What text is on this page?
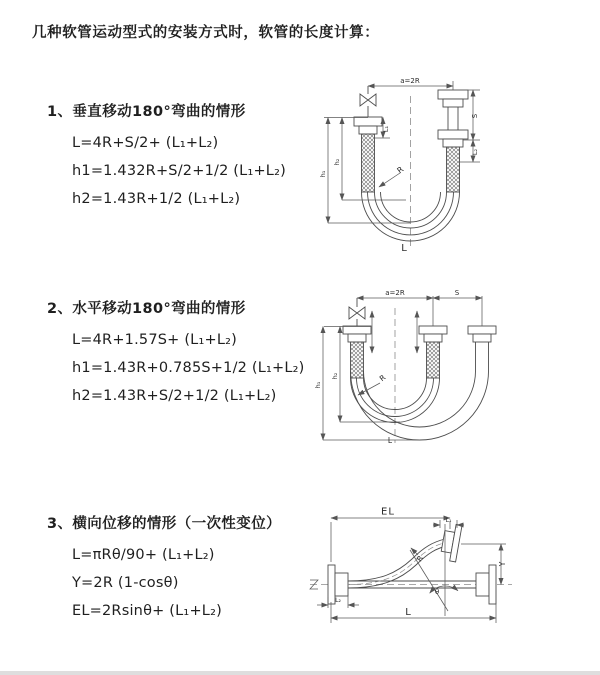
几种软管运动型式的安装方式时，软管的长度计算：
1、垂直移动180°弯曲的情形
L=4R+S/2+ (L₁+L₂)
h1=1.432R+S/2+1/2 (L₁+L₂)
h2=1.43R+1/2 (L₁+L₂)
a=2R
h₁
h₂
L₁
S
L₂
R
L
2、水平移动180°弯曲的情形
L=4R+1.57S+ (L₁+L₂)
h1=1.43R+0.785S+1/2 (L₁+L₂)
h2=1.43R+S/2+1/2 (L₁+L₂)
a=2R	S
h₁
h₂	R
L
3、横向位移的情形（一次性变位）
L=πRθ/90+ (L₁+L₂)
Y=2R (1-cosθ)
EL=2Rsinθ+ (L₁+L₂)
EL
L₁
Y
R
θ
L
L₂
